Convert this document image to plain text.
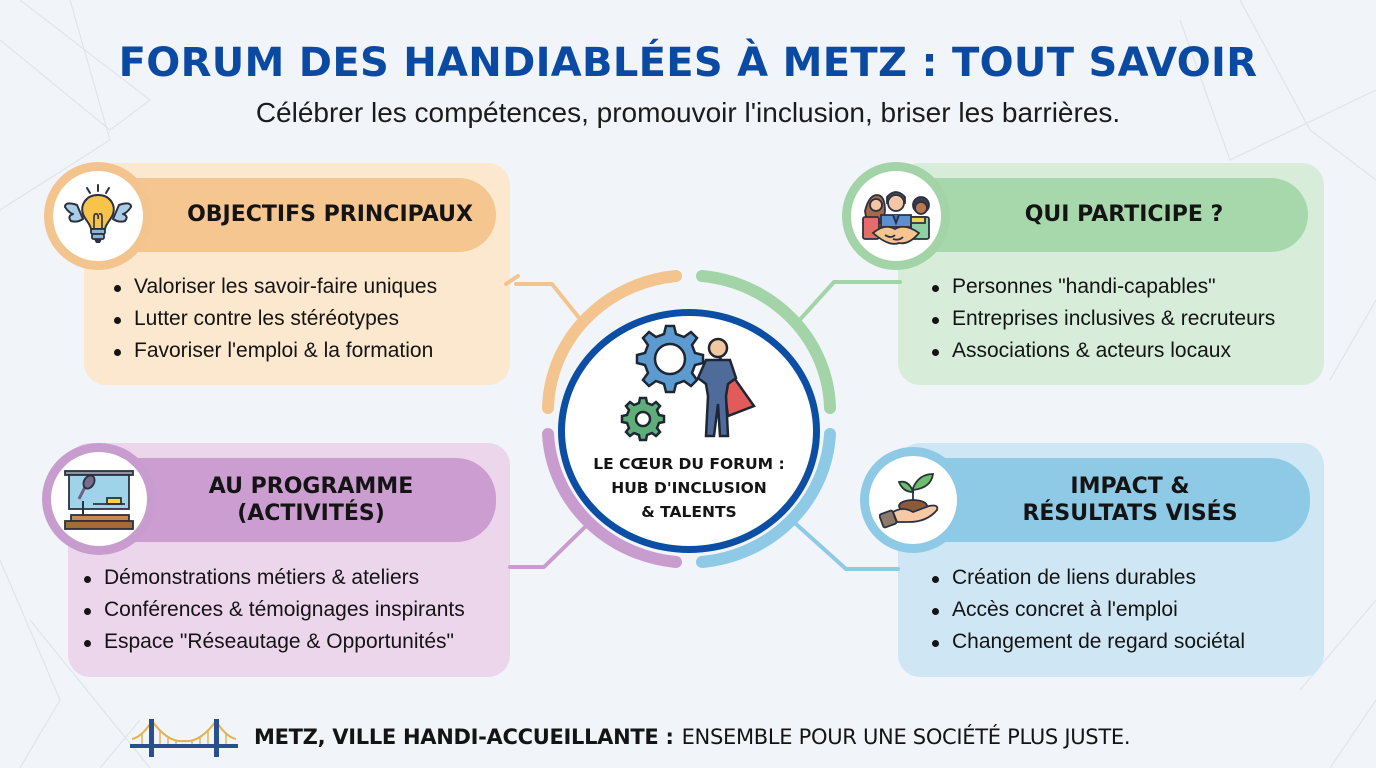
FORUM DES HANDIABLÉES À METZ : TOUT SAVOIR
Célébrer les compétences, promouvoir l'inclusion, briser les barrières.
OBJECTIFS PRINCIPAUX
Valoriser les savoir-faire uniques
Lutter contre les stéréotypes
Favoriser l'emploi & la formation
QUI PARTICIPE ?
Personnes "handi-capables"
Entreprises inclusives & recruteurs
Associations & acteurs locaux
AU PROGRAMME
(ACTIVITÉS)
Démonstrations métiers & ateliers
Conférences & témoignages inspirants
Espace "Réseautage & Opportunités"
IMPACT &
RÉSULTATS VISÉS
Création de liens durables
Accès concret à l'emploi
Changement de regard sociétal
LE CŒUR DU FORUM :
HUB D'INCLUSION
& TALENTS
METZ, VILLE HANDI-ACCUEILLANTE : ENSEMBLE POUR UNE SOCIÉTÉ PLUS JUSTE.
